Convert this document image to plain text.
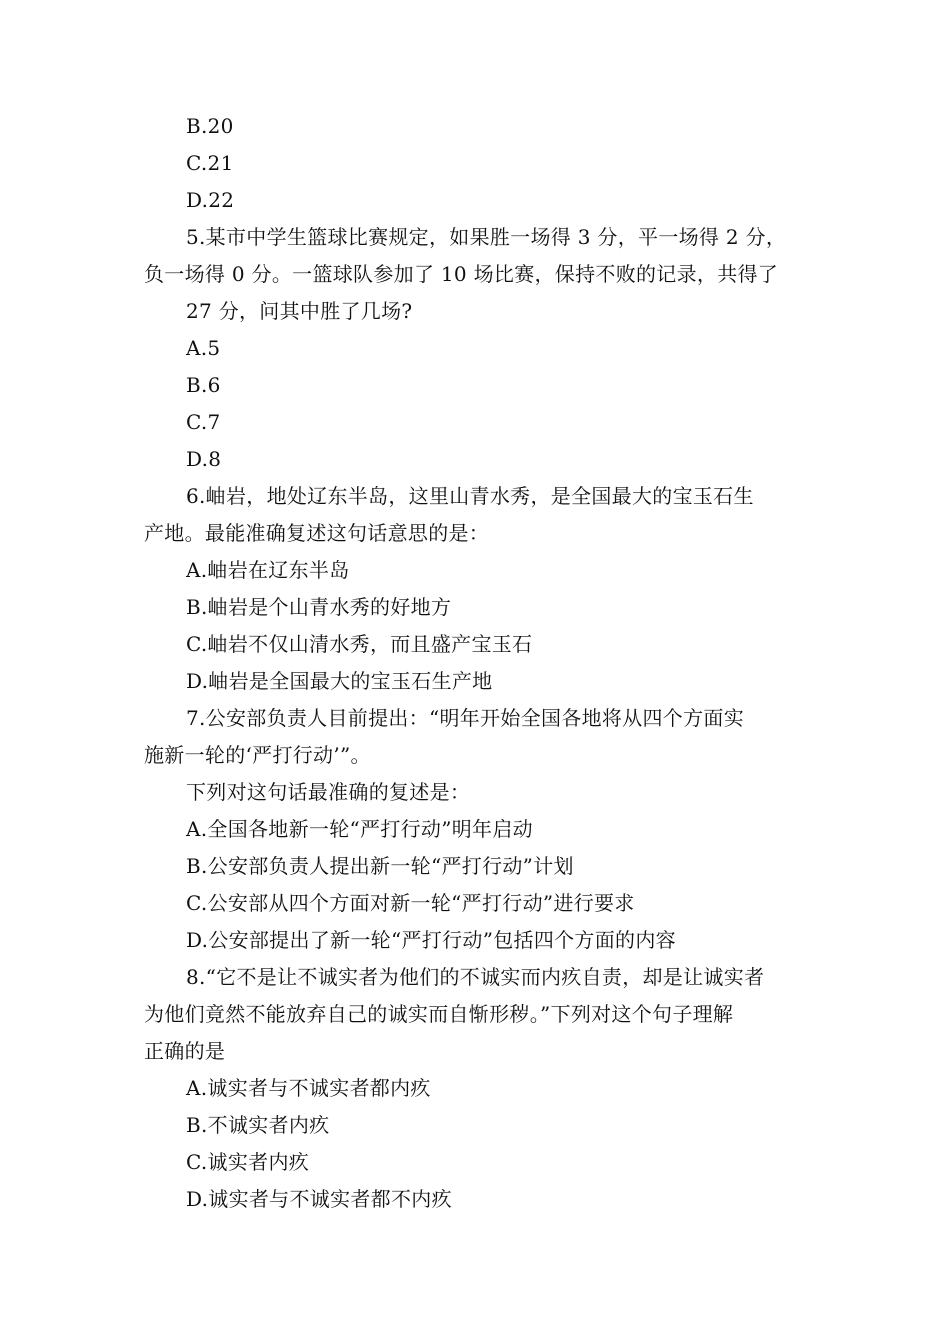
B.20
C.21
D.22
5.某市中学生篮球比赛规定，如果胜一场得 3 分，平一场得 2 分，
负一场得 0 分。一篮球队参加了 10 场比赛，保持不败的记录，共得了
27 分，问其中胜了几场?
A.5
B.6
C.7
D.8
6.岫岩，地处辽东半岛，这里山青水秀，是全国最大的宝玉石生
产地。最能准确复述这句话意思的是：
A.岫岩在辽东半岛
B.岫岩是个山青水秀的好地方
C.岫岩不仅山清水秀，而且盛产宝玉石
D.岫岩是全国最大的宝玉石生产地
7.公安部负责人目前提出：“明年开始全国各地将从四个方面实
施新一轮的‘严打行动’”。
下列对这句话最准确的复述是：
A.全国各地新一轮“严打行动”明年启动
B.公安部负责人提出新一轮“严打行动”计划
C.公安部从四个方面对新一轮“严打行动”进行要求
D.公安部提出了新一轮“严打行动”包括四个方面的内容
8.“它不是让不诚实者为他们的不诚实而内疚自责，却是让诚实者
为他们竟然不能放弃自己的诚实而自惭形秽。”下列对这个句子理解
正确的是
A.诚实者与不诚实者都内疚
B.不诚实者内疚
C.诚实者内疚
D.诚实者与不诚实者都不内疚
